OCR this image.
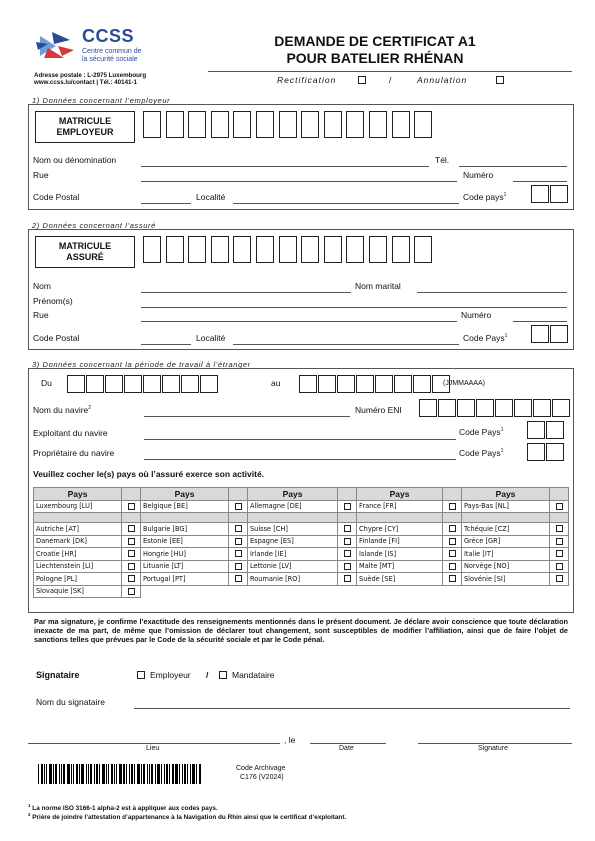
CCSS
Centre commun de
la sécurité sociale
Adresse postale : L-2975 Luxembourg
www.ccss.lu/contact | Tél.: 40141-1
DEMANDE DE CERTIFICAT A1
POUR BATELIER RHÉNAN
Rectification	/	Annulation
1) Données concernant l’employeur
MATRICULE
EMPLOYEUR
Nom ou dénomination	Tél.
Rue	Numéro
Code Postal	Localité	Code pays$^1$
2) Données concernant l’assuré
MATRICULE
ASSURÉ
Nom	Nom marital
Prénom(s)
Rue	Numéro
Code Postal	Localité	Code Pays$^1$
3) Données concernant la période de travail à l’étranger
Du	au	(JJMMAAAA)
Nom du navire$^2$	Numéro ENI
Exploitant du navire	Code Pays$^1$
Propriétaire du navire	Code Pays$^1$
Veuillez cocher le(s) pays où l’assuré exerce son activité.
Pays		Pays		Pays		Pays		Pays	
Luxembourg [LU]		Belgique [BE]		Allemagne [DE]		France [FR]		Pays-Bas [NL]	

Autriche [AT]		Bulgarie [BG]		Suisse [CH]		Chypre [CY]		Tchéquie [CZ]	
Danemark [DK]		Estonie [EE]		Espagne [ES]		Finlande [FI]		Grèce [GR]	
Croatie [HR]		Hongrie [HU]		Irlande [IE]		Islande [IS]		Italie [IT]	
Liechtenstein [LI]		Lituanie [LT]		Lettonie [LV]		Malte [MT]		Norvège [NO]	
Pologne [PL]		Portugal [PT]		Roumanie [RO]		Suède [SE]		Slovénie [SI]	
Slovaquie [SK]									
Par ma signature, je confirme l’exactitude des renseignements mentionnés dans le présent document. Je déclare avoir conscience que toute déclaration inexacte de ma part, de même que l’omission de déclarer tout changement, sont susceptibles de modifier l’affiliation, ainsi que de faire l’objet de sanctions telles que prévues par le Code de la sécurité sociale et par le Code pénal.
Signataire	Employeur /	Mandataire
Nom du signataire
, le
Lieu	Date	Signature
Code Archivage
C176 (V2024)
$^1$ La norme ISO 3166-1 alpha-2 est à appliquer aux codes pays.
$^2$ Prière de joindre l’attestation d’appartenance à la Navigation du Rhin ainsi que le certificat d’exploitant.
